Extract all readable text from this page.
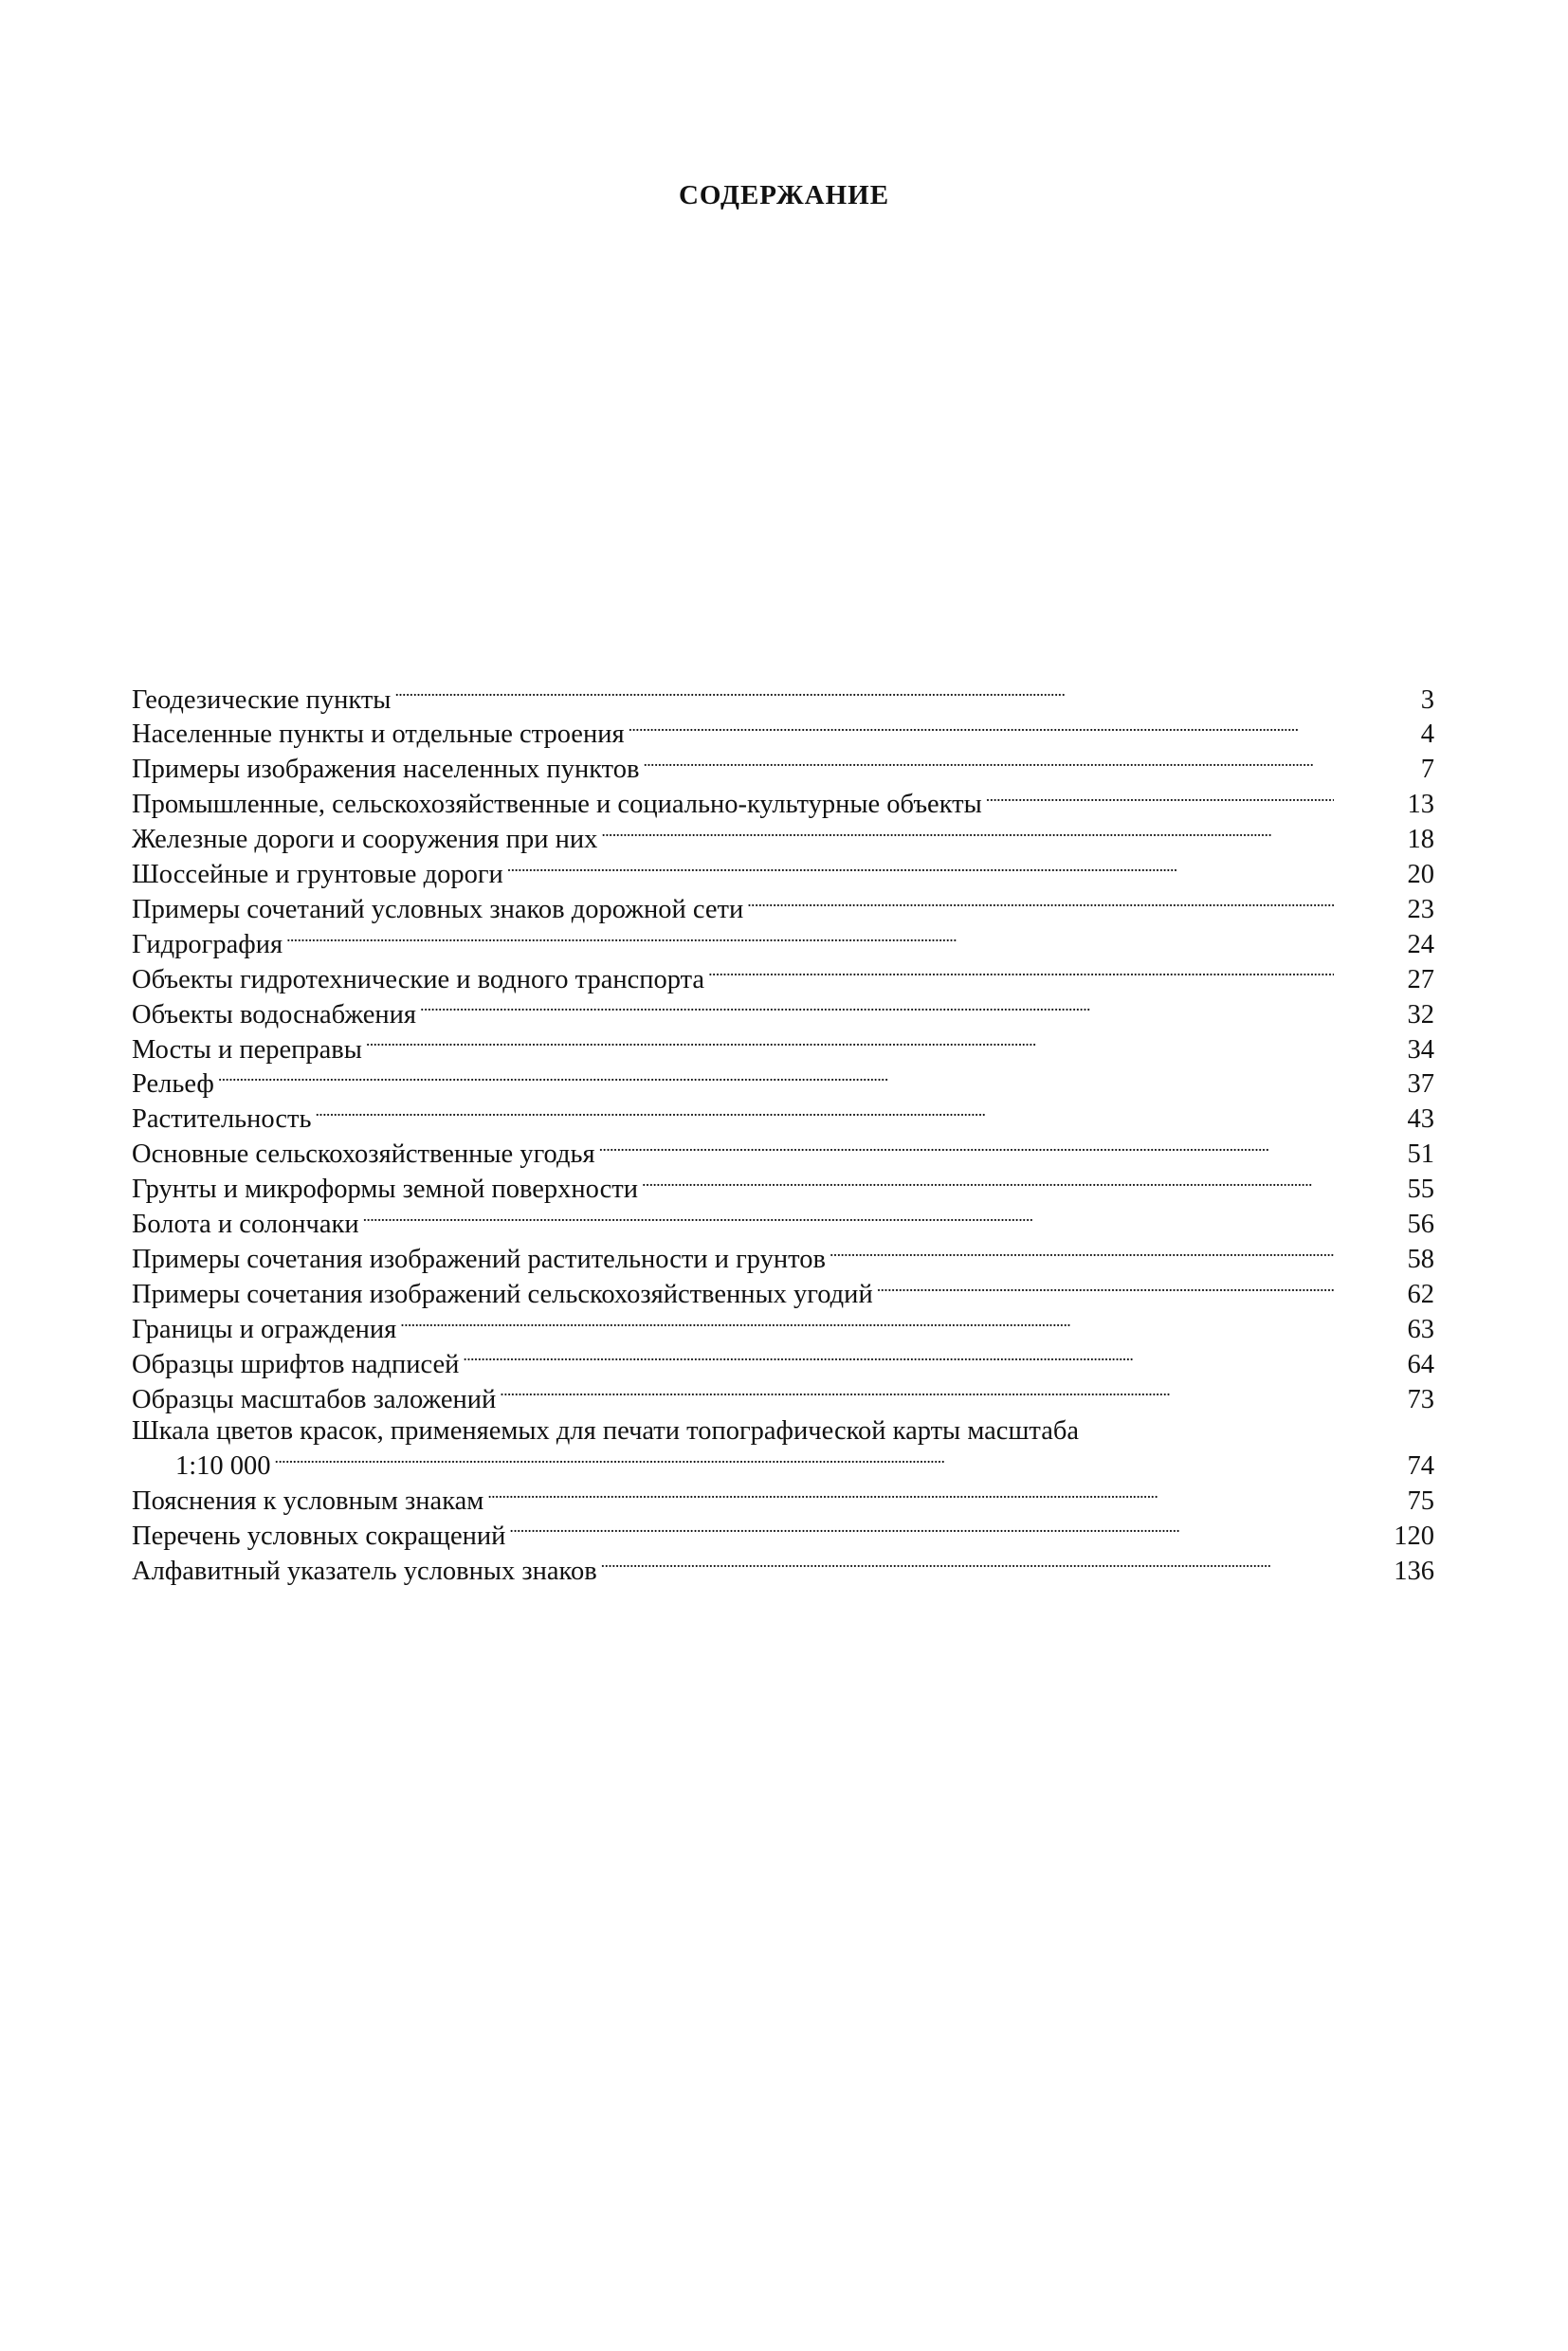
СОДЕРЖАНИЕ
Геодезические пункты . . .	3
Населенные пункты и отдельные строения . . .	4
Примеры изображения населенных пунктов . . .	7
Промышленные, сельскохозяйственные и социально-культурные объекты . . .	13
Железные дороги и сооружения при них . . .	18
Шоссейные и грунтовые дороги . . .	20
Примеры сочетаний условных знаков дорожной сети . . .	23
Гидрография . . .	24
Объекты гидротехнические и водного транспорта . . .	27
Объекты водоснабжения . . .	32
Мосты и переправы . . .	34
Рельеф . . .	37
Растительность . . .	43
Основные сельскохозяйственные угодья . . .	51
Грунты и микроформы земной поверхности . . .	55
Болота и солончаки . . .	56
Примеры сочетания изображений растительности и грунтов . . .	58
Примеры сочетания изображений сельскохозяйственных угодий . . .	62
Границы и ограждения . . .	63
Образцы шрифтов надписей . . .	64
Образцы масштабов заложений . . .	73
Шкала цветов красок, применяемых для печати топографической карты масштаба
1:10 000 . . .	74
Пояснения к условным знакам . . .	75
Перечень условных сокращений . . .	120
Алфавитный указатель условных знаков . . .	136
